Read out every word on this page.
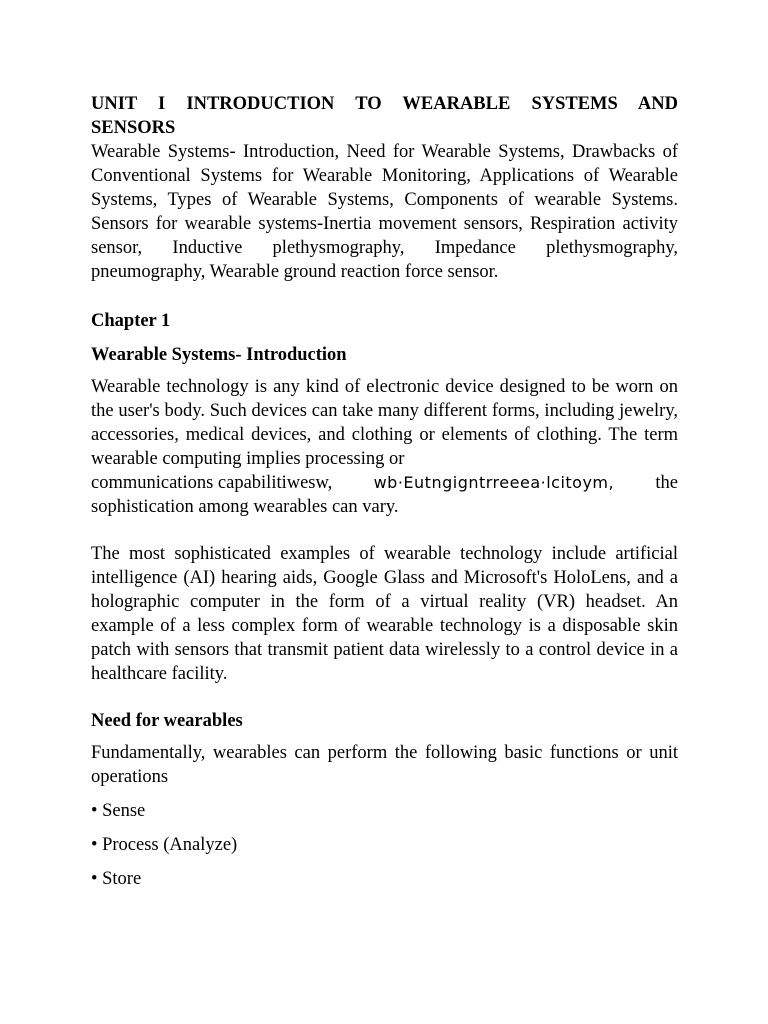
UNIT I INTRODUCTION TO WEARABLE SYSTEMS AND
SENSORS

Wearable Systems- Introduction, Need for Wearable Systems, Drawbacks of Conventional Systems for Wearable Monitoring, Applications of Wearable Systems, Types of Wearable Systems, Components of wearable Systems. Sensors for wearable systems-Inertia movement sensors, Respiration activity sensor, Inductive plethysmography, Impedance plethysmography, pneumography, Wearable ground reaction force sensor.

Chapter 1

Wearable Systems- Introduction

Wearable technology is any kind of electronic device designed to be worn on the user's body. Such devices can take many different forms, including jewelry, accessories, medical devices, and clothing or elements of clothing. The term wearable computing implies processing or
communications capabilitiwesw,	wb·Eutngigntrreeea·lcitoym, the
sophistication among wearables can vary.

The most sophisticated examples of wearable technology include artificial intelligence (AI) hearing aids, Google Glass and Microsoft's HoloLens, and a holographic computer in the form of a virtual reality (VR) headset. An example of a less complex form of wearable technology is a disposable skin patch with sensors that transmit patient data wirelessly to a control device in a healthcare facility.

Need for wearables

Fundamentally, wearables can perform the following basic functions or unit operations

• Sense

• Process (Analyze)

• Store
